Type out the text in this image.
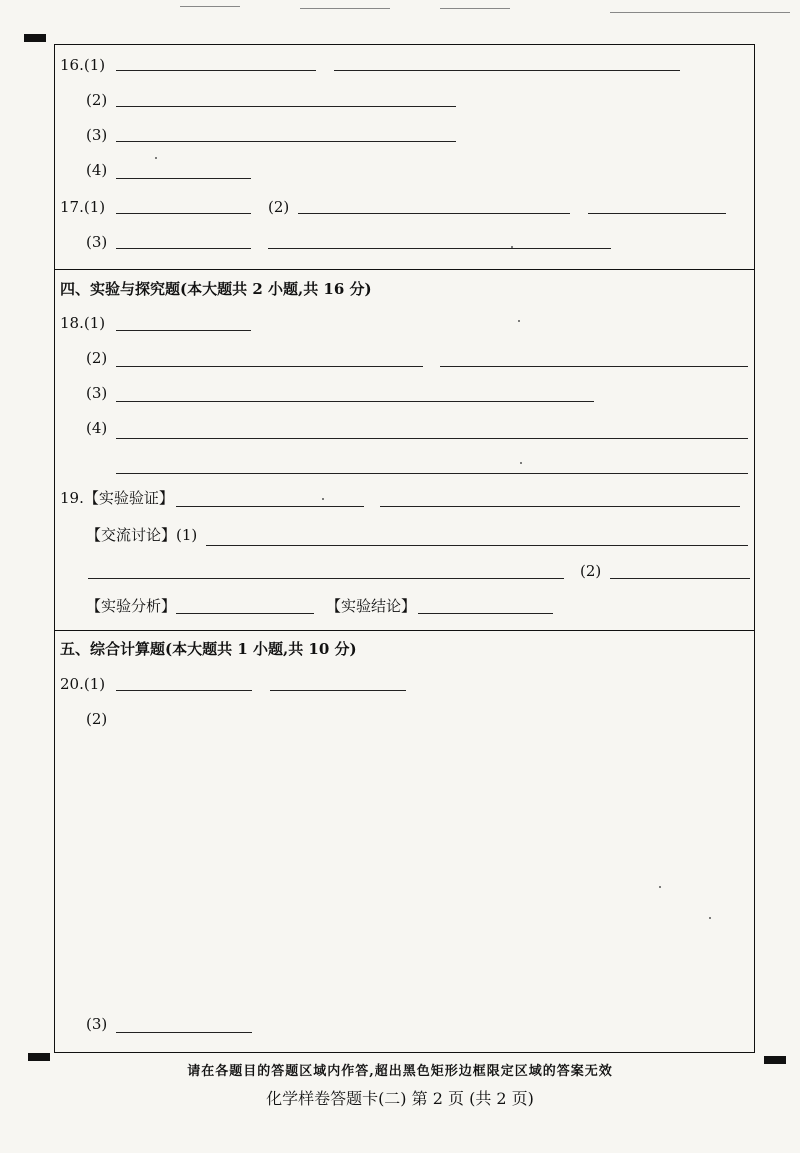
16.(1)
(2)
(3)
(4)
17.(1)	(2)
(3)
四、实验与探究题(本大题共 2 小题,共 16 分)
18.(1)
(2)
(3)
(4)
19.【实验验证】
【交流讨论】(1)
(2)
【实验分析】	【实验结论】
五、综合计算题(本大题共 1 小题,共 10 分)
20.(1)
(2)
(3)
请在各题目的答题区域内作答,超出黑色矩形边框限定区域的答案无效
化学样卷答题卡(二) 第 2 页 (共 2 页)
